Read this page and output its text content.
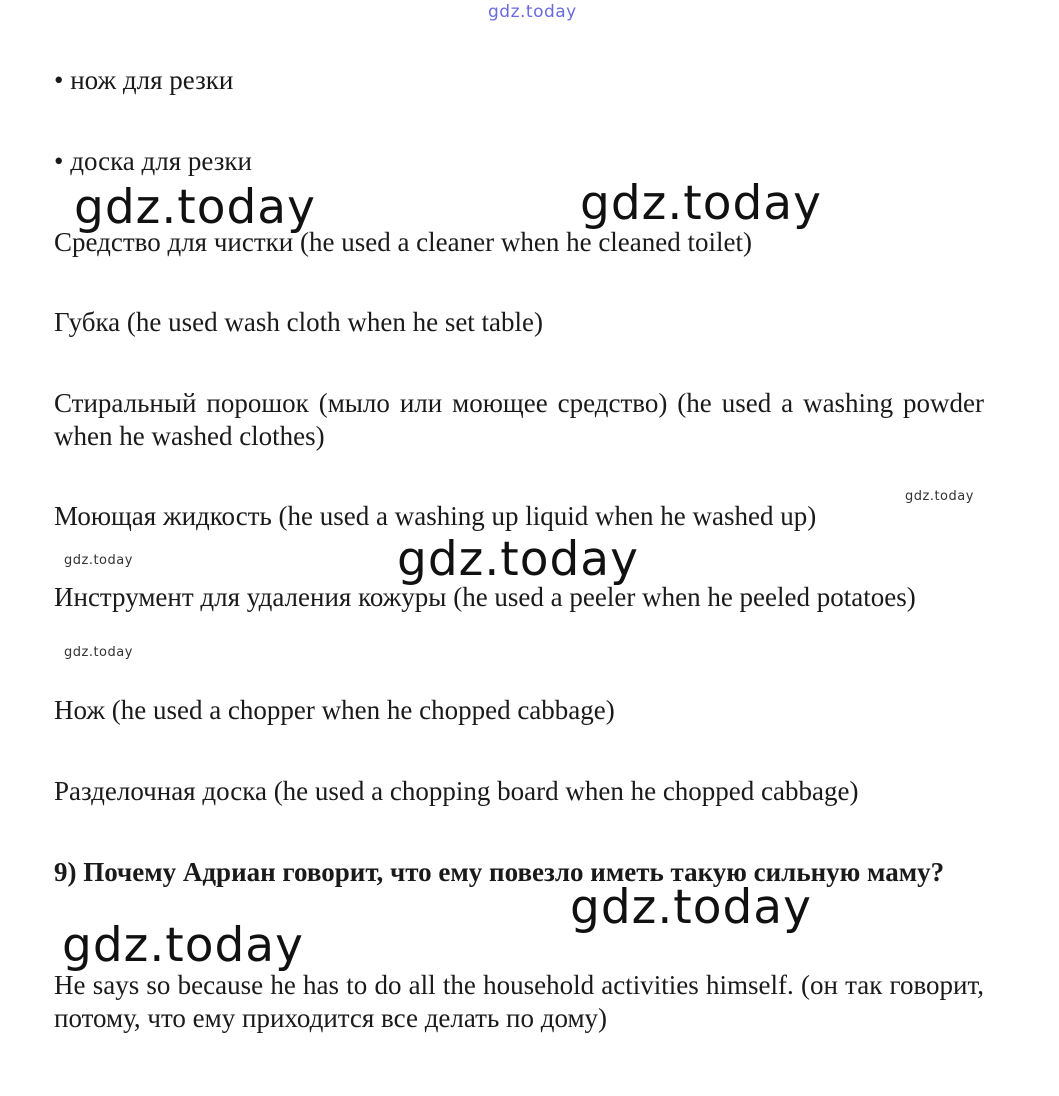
gdz.today
• нож для резки
• доска для резки
gdz.today	gdz.today
Средство для чистки (he used a cleaner when he cleaned toilet)
Губка (he used wash cloth when he set table)
Стиральный порошок (мыло или моющее средство) (he used a washing powder when he washed clothes)
gdz.today
Моющая жидкость (he used a washing up liquid when he washed up)
gdz.today	gdz.today
Инструмент для удаления кожуры (he used a peeler when he peeled potatoes)
gdz.today
Нож (he used a chopper when he chopped cabbage)
Разделочная доска (he used a chopping board when he chopped cabbage)
9) Почему Адриан говорит, что ему повезло иметь такую сильную маму?
gdz.today
gdz.today
He says so because he has to do all the household activities himself. (он так говорит, потому, что ему приходится все делать по дому)
